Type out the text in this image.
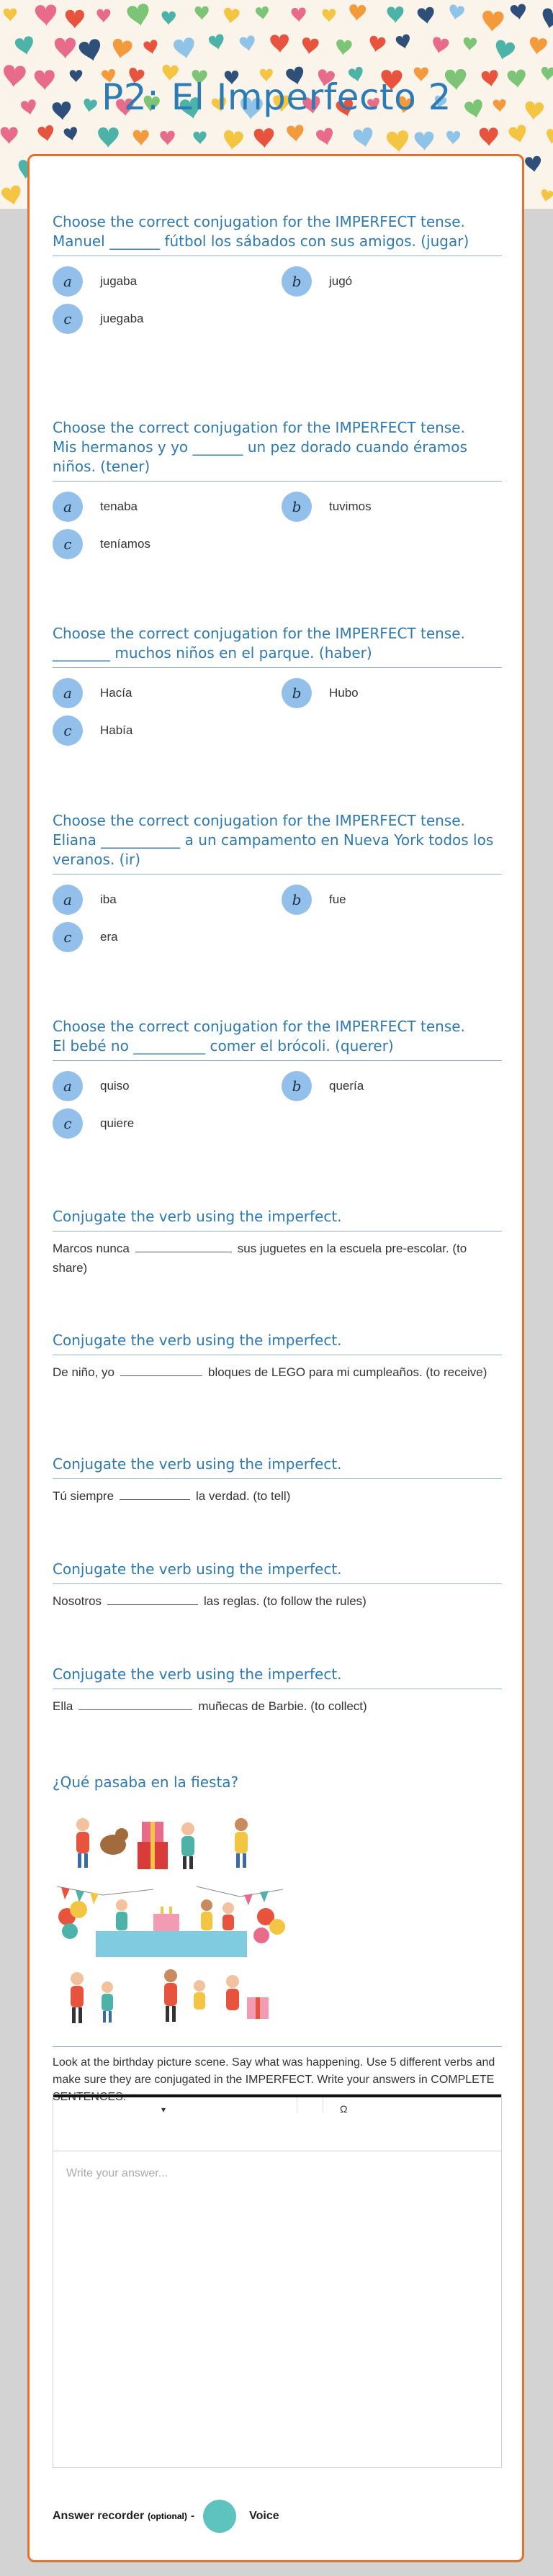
P2: El Imperfecto 2

Choose the correct conjugation for the IMPERFECT tense.

Manuel _______ fútbol los sábados con sus amigos. (jugar)

a	jugaba	b	jugó
c	juegaba

Choose the correct conjugation for the IMPERFECT tense.

Mis hermanos y yo _______ un pez dorado cuando éramos niños. (tener)

a	tenaba	b	tuvimos
c	teníamos

Choose the correct conjugation for the IMPERFECT tense.

________ muchos niños en el parque. (haber)

a	Hacía	b	Hubo
c	Había

Choose the correct conjugation for the IMPERFECT tense.

Eliana ___________ a un campamento en Nueva York todos los veranos. (ir)

a	iba	b	fue
c	era

Choose the correct conjugation for the IMPERFECT tense.

El bebé no __________ comer el brócoli. (querer)

a	quiso	b	quería
c	quiere

Conjugate the verb using the imperfect.

Marcos nunca	sus juguetes en la escuela pre-escolar. (to share)

Conjugate the verb using the imperfect.

De niño, yo	bloques de LEGO para mi cumpleaños. (to receive)

Conjugate the verb using the imperfect.

Tú siempre	la verdad. (to tell)

Conjugate the verb using the imperfect.

Nosotros	las reglas. (to follow the rules)

Conjugate the verb using the imperfect.

Ella	muñecas de Barbie. (to collect)

¿Qué pasaba en la fiesta?

Look at the birthday picture scene. Say what was happening. Use 5 different verbs and make sure they are conjugated in the IMPERFECT. Write your answers in COMPLETE SENTENCES.

▾	Ω
Write your answer...
Answer recorder (optional) -	Voice
